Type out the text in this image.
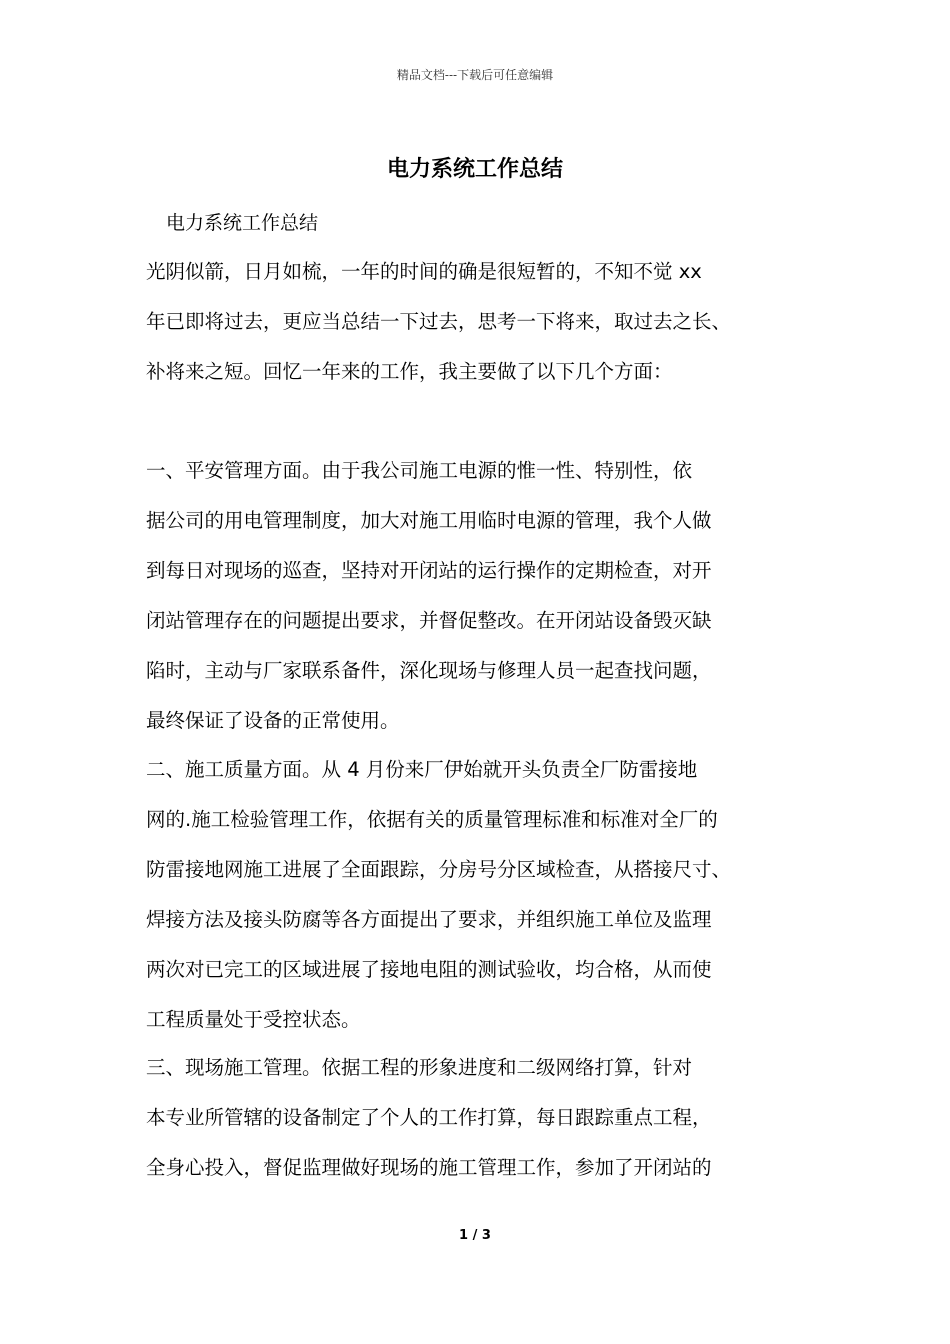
精品文档---下载后可任意编辑
电力系统工作总结
电力系统工作总结
光阴似箭，日月如梳，一年的时间的确是很短暂的，不知不觉 xx
年已即将过去，更应当总结一下过去，思考一下将来，取过去之长、
补将来之短。回忆一年来的工作，我主要做了以下几个方面：
一、平安管理方面。由于我公司施工电源的惟一性、特别性，依
据公司的用电管理制度，加大对施工用临时电源的管理，我个人做
到每日对现场的巡查，坚持对开闭站的运行操作的定期检查，对开
闭站管理存在的问题提出要求，并督促整改。在开闭站设备毁灭缺
陷时，主动与厂家联系备件，深化现场与修理人员一起查找问题，
最终保证了设备的正常使用。
二、施工质量方面。从 4 月份来厂伊始就开头负责全厂防雷接地
网的.施工检验管理工作，依据有关的质量管理标准和标准对全厂的
防雷接地网施工进展了全面跟踪，分房号分区域检查，从搭接尺寸、
焊接方法及接头防腐等各方面提出了要求，并组织施工单位及监理
两次对已完工的区域进展了接地电阻的测试验收，均合格，从而使
工程质量处于受控状态。
三、现场施工管理。依据工程的形象进度和二级网络打算，针对
本专业所管辖的设备制定了个人的工作打算，每日跟踪重点工程，
全身心投入，督促监理做好现场的施工管理工作，参加了开闭站的
1 / 3
